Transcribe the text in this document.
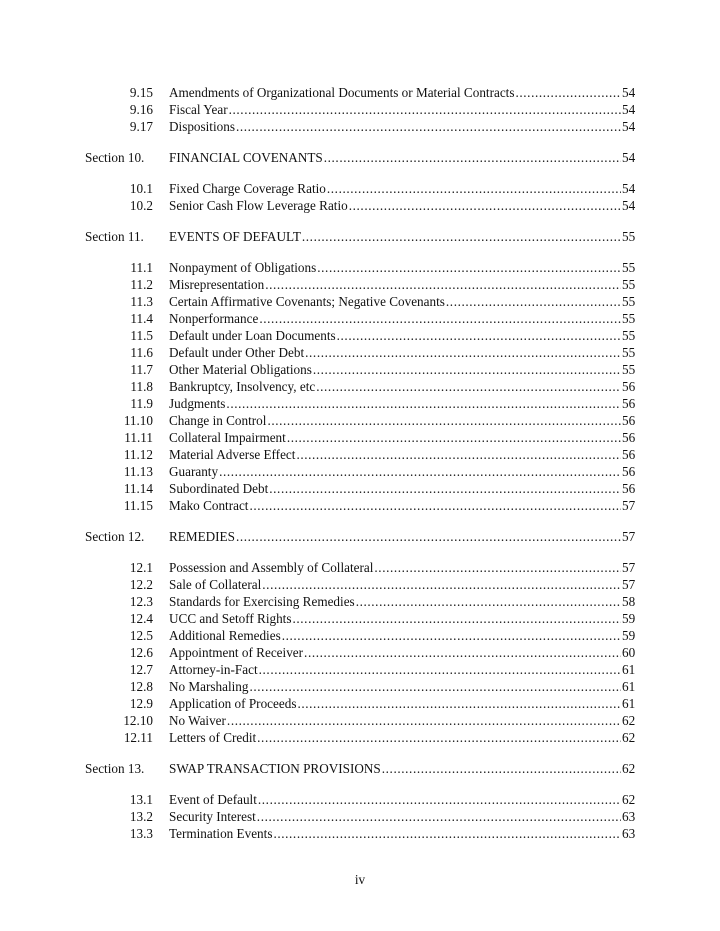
9.15 Amendments of Organizational Documents or Material Contracts .....	54
9.16 Fiscal Year .....	54
9.17 Dispositions .....	54
Section 10. FINANCIAL COVENANTS .....	54
10.1 Fixed Charge Coverage Ratio .....	54
10.2 Senior Cash Flow Leverage Ratio .....	54
Section 11. EVENTS OF DEFAULT .....	55
11.1 Nonpayment of Obligations .....	55
11.2 Misrepresentation .....	55
11.3 Certain Affirmative Covenants; Negative Covenants .....	55
11.4 Nonperformance .....	55
11.5 Default under Loan Documents .....	55
11.6 Default under Other Debt .....	55
11.7 Other Material Obligations .....	55
11.8 Bankruptcy, Insolvency, etc .....	56
11.9 Judgments .....	56
11.10 Change in Control .....	56
11.11 Collateral Impairment .....	56
11.12 Material Adverse Effect .....	56
11.13 Guaranty .....	56
11.14 Subordinated Debt .....	56
11.15 Mako Contract .....	57
Section 12. REMEDIES .....	57
12.1 Possession and Assembly of Collateral .....	57
12.2 Sale of Collateral .....	57
12.3 Standards for Exercising Remedies .....	58
12.4 UCC and Setoff Rights .....	59
12.5 Additional Remedies .....	59
12.6 Appointment of Receiver .....	60
12.7 Attorney-in-Fact .....	61
12.8 No Marshaling .....	61
12.9 Application of Proceeds .....	61
12.10 No Waiver .....	62
12.11 Letters of Credit .....	62
Section 13. SWAP TRANSACTION PROVISIONS .....	62
13.1 Event of Default .....	62
13.2 Security Interest .....	63
13.3 Termination Events .....	63
iv
